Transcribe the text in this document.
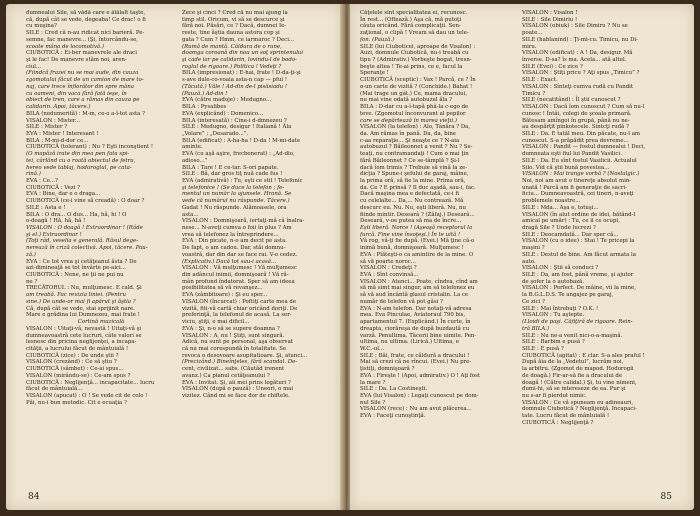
dumnealui Sile, să vădă care e ălălalt taşte,
că, după cât se vede, degeaba! Ce drac! o fi
cu muşina?
SILE : Cred că n-au ridicat nici barieră. Pe-
semne, fac manevre... (Şi, întorcându-se,
scoate mâna de locomotivă.)
CIUBOTICĂ : Ei-ber manevrele ale draci
şi le fac! De manevre stăm noi, aren-
ciul...
(Fiindcă frazei nu se mai aude, din cauza
zgomotului făcut de un camion de mare to-
naj, care trece înfiorător din spre mâna
cu oameni, din vaca fără fată ieşe, în
obiect de tren, care a rămas din cauza pe
calidarin. Apoi, tăcere.)
BILA (nedumerită) : M-m, ce-o a-î-tot asta ?
VISALON : Mister...
SILE : Mister ?
EVA : Mister ! Interesant !
BILA : M-mi-d-dor ce...
CIUBOTICĂ (tolerant) : Nu ? Eşti inconştient !
(O mapăză irate din mea pen fata spi-
tei, cârlând cu o roată obiectul de fetru,
hereo vede tablaj, hodoroglul, pe cata-
rină.)
EVA : Ce...?
CIUBOTICĂ : Vezi ?
EVA : Bine, dar e o draga...
CIUBOTICĂ (ce-i vine să creadă) : O doar ?
SILE : Asta e !
BILA : O dra... O dus... Ha, hă, hi ! O
o-doagă ! Hă, hă, hă !
VISALON : O doagă ! Extraordinar ! (Râde
şi el.) Extraordinar !
(Toţi râd, veselia e generală. Râsul dege-
nerează în criză colectivă. Apoi, tăcere. Pau-
ză.)
EVA : Ce tot vrea şi cetăţeanul ăsta ? De
azi-dimineaţă se tot învârte pe-aici...
CIUBOTICĂ : Nene, ne ţii ne pui nu
ne ?
TRECĂTORUL : Nu, mulţumesc. E cald. Şi
am treabă. Fac revizia liniei. (Pentru
sine.) De unde-or mai fi apărut şi ăştia ?
Că, după cât se vede, stai sprijinit nare.
Mare e grădina lui Dumnezeu, mai frate !
Cortină muzicală
VISALON : Uitaţi-vă, nevastă ! Uitaţi-vă şi
dumneavoastră cete lucruri, câte valori se
lesnesc din pricina neglijenţei, a incapa-
cităţii, a lucrului făcut de mântuială !
CIUBOTICĂ (zice) : De unde ştii ?
VISALON (crezând) : Ce să ştiu ?
CIUBOTICĂ (sâmbet) : Ce-ai spus...
VISALON (mirându-se) : Ce-am spus ?
CIUBOTICĂ : Neglijenţă... incapacitate... lucru
făcut de mântuială...
VISALON (apucat) : O ! Se vede cit de colo !
Păi, nu-i bun metodic. Cit e ecuaţia ?
Zece şi cinci ? Cred că nu mai ajung la
timp stil. Oricum, vi să se descurce şi
fără noi. Păsări, ce ? Dacă, dumnei Ie-
reste, tine ăştia dauna astora cop şi
gata ? Cum ? Hmm, ce iarmaroc ? Deci...
(Rumă de mantă. Căldura de o rune,
doamga coroană din nou un soţ sprintenului
şi cade iar pe calidarin, lovindu-l de bodo-
roglul de rigoare.) Politica ! Vedeţi ?
BILA (impresionat) : E-hai, frate ! D-da-ţi-şi
s-ave dule-co-voaia asta-n cap — pfui !
(Tăcută.) Văle ! Ad-din de-l pisăsiadu !
(Pauză.) Ad-din !
EVA (către madoje) : Medugno...
BILA : Pysalibes
EVA (explicând) : Domenico...
BILA (interesată) : Cine-i d-dmnezeu ?
SILE : Medugno, desigur ! Italiană ! Ăla
„Volare” ; „Desarado...”.
BILA (edificat) : A-ha-ha ! D-da ! M-mi-date
aminte.
EVA (cu aşă aşire, frecbonerat) : „Ad-dio,
adioso...”
BILA : Tare ! E ce-tar. S-ori papate.
SILE : Bă, dar gros tiţ nuă cade fus !
EVA (admirativă) : Tu, eşti ce stil ! Telefonic
şi telefonice ! (Se duce la telefon ; fe-
mentul un număr la ajunsele. Hrană. Se
vede că numărul nu răspunde. Tăcere.)
Gadat ! Nu răspunde. Alămoasele, ora
asta...
VISALON : Domnişoară, iertaţi-mă că înalra-
nese... N-aveţi cumva o foii în plus ? Am
vrea să telefonez la întreprindere...
EVA : Din picate, n-o am decit pe asta.
De fapt, o am cadou. Dar, stăi domnu-
voastră, dar din dar se face rai. V-o cedez.
(Explicativ.) Dacă tot sau-i acasă...
VISALON : Vă mulţumesc ! Vă mulţumesc
din adâncul inimii, domnişoară ! Vă ră-
mân profund îndatorat. Sper să am ideea
posibilitatea să vă revanşez...
EVA (zâmbitoare) : Şi eu sper...
VISALON (încurcat) : Poftiţi carte mea de
vizită, fiti-vă cartă chiar oricând doriţi. De
preferinţă, la telefonul de acasă. La ser-
viciu, ştiţi, e mai dificil...
EVA : Şi, n-o să se supere doamna ?
VISALON : A, nu ! Ştiţi, sunt singură.
Adică, nu sunt pe personal, aşa observat
că nu mai corespundă în totalitate. Se
revoca o desovoare asupitatioare. Şi, atunci...
(Precizând.) Bineînţeles, fără scandal. De-
cent, civilizat... sabs. (Căutăd irenent
avanz.) Ca pianul cetăţeanului ?
EVA : Invitat. Şi, aii mei prins legături ?
VISALON (după o pauză) : Uneori, o mai
vizitez. Când mi se face dor de chiftele.
84
Căţelele sînt specialitatea ei, recunosc.
În rest... (Oftează.) Aşa că, mă putoţi
căuta oricând. Fără complicaţii. Sen-
zaţional, o clipă ! Vream să dau un tele-
fon. (Pauză.)
SILE (lui Ciuboticei, aproape de Visalon) :
Auzi, domnule Ciubotică, nu-i treabă cu
tipu ? (Admirativ.) Vorbeşte bogat, tresn-
beşte altea ! Te-ai prins, ce e, facul la
Speranţe !
CIUBOTICĂ (sceptic) : Vax ! Parcă, ce ? În
o-un carte de vizită ? (Conchide.) Bahat !
(Mai trage un gât.) Ce, mama dracului,
nu mai vine odată autobuzul ăla ?
BILA : D-dar cu a-î-tapă phă-la c-ego de
teve. (Zgomotul înconvurant al pepilor
care se depărtează în marea vieţii.)
VISALON (la telefon) : Alo, Tânăra ? Da,
da. Am rămas în pană. Da, da, bine
c-aa reparaţie... Şi neaşte ce ? N-aia
autobuzul ? Băileonnet a venit ? Nu ? Se-
teaţi, nu contramandaţi ! Cum o mai ţin
fără Băileonnet ? Ce se-tâmplă ? Şi-l
dacă îom trimis ? Trebuie să vină la ze-
dicţia ? Spune-i şefului de garaj, mâine,
la prima oră, să fie la mine. Prima oră,
da. Ce ? E prinsă ? Il duc aşadă, sau-i, fac.
Dacă maşina mea e defectată, ce-i fi
cu celelalte... Da,... Nu contrează. Mă
descurc eu. Nu. Nu, eşti liberă. Nu, nu
fiinde mintir. Desearâ ? (Zâfaj.) Desearâ...
Desearâ, v-oe putea să ma de încre...
Ești liberă. Norce ! (Aşeaşă receptorul la
furcă. Fine vine însoţeşi.) În te uită !
Vă rog, vă-ţi fie după. (Evei.) Mă ţine că-o
inimă bună, domnişoară. Mulţumesc !
EVA : Plăteşti-o ca amintire de la mine. O
să vă poarte noroc...
VISALON : Credeţi ?
EVA : Sînt convinsă...
VISALON : Atunci... Poate, cîndva, cînd am
să mă simt mai singur, am să telefonez eu
să vă aud încântă glasul cristalin. La ce
număr de telefon vă pot găsi ?
EVA : N-am telefon. Dar notaţi-vă adresa
mea. Eva Pinculae, Aviatoraul 790 bis,
apartamentul 7. (Explicând.) În curte, în
dreapta, ciorăreşa de după buzdaută cu
varză. Penultima. Tăcerii bine uimite. Pen-
ultima, nu ultima. (Lirică.) Ultima, e
W.C.-ul...
SILE : Băi, frate, ce căldură a dracului !
Mai să crezi că ne rîncui. (Evei.) Nu pre-
ţistiţi, domnişoară ?
EVA : Fireşte ! (Apoi, admirativ.) O ! Aţi fost
la mare ?
SILE : Da. La Costineşti.
EVA (lui Visalon) : Legaţi cunoscut pe dom-
nul Sile ?
VISALON (rece) : Nu am avut plăcerea...
EVA : Faceţi cunoştinţă.
VISALON : Visalon !
SILE : Sile Dimiriu !
VISALON (obiuk) : Sile Dimiru ? Nu se
poate...
SILE (hablanind) : Ţi-mi-cu. Timicu, nu Di-
miru.
VISALON (edificat) : A ! Da, desigur. Mă
înverse. D-sa? îs ma. Acela... ată altul.
SILE (Evei) : Ce zice ?
VISALON : Ştiţi pricu ? Aţi spus „Timicu” ?
SILE : Exact.
VISALON : Sînteţi cumva rudă cu Pandit
Timicu ?
SILE (necatitând) : Îl ştii cunoscut ?
VISALON : Dacă îom cunoscut ? Cum să nu-l
cunosc ! Întâi, colegi de şcoala primară.
Bătesam amîngoi în grupă, până nu ne-
au despărţit pinkotecele. Sintcţi rudă ?
SILE : Da. E tatăl meu. Din păcate, nu-l am
cunoscut. S-a prăpădit prea devreme...
VISALON : Pandit — fostul dumnealui ! Deci,
dumneata eşti fiul lui Pandit Vasilici.
SILE : Da. Eu sînt fostul Vasilicii. Actualul
Silo. Vîd că ştii bună povestea...
VISALON : Mai trange vorbă ? (Nostalgic.)
Noi, noi am avut o tinereţe absolut min-
unată ! Parcă am fi generaţie de sacri-
ficiu... Dumneavoastră, cei tineri, n-aveţi
problemele noastre...
SILE : Mda... Aşa e, totuşi...
VISALON (în alut ordine de idei, bătând-l
amical pe umăr) : Tu, ce ii ce ocupi,
dragă Sile ? Unde lucrezi ?
SILE : Deocamdată... Dar sper că...
VISALON (cu o idee) : Stai ! Te pricepi la
maşini ?
SILE : Destul de bine. Am făcut armata la
auto.
VISALON : Ştii să conduci ?
SILE : Da, am fost, până vreme, şi ajutor
de şofer la o autobază.
VISALON : Perfect. De mâine, vii la mine,
la B.G.L.D.S. Te angajez pe garaj,
Ce zici ?
SILE : Mai întrebaţi ? O.K. !
VISALON : Tu aştepte.
(Lloidi de paşi. Căfiţiră de rigoare. Rein-
tră BILA.)
SILE : Nu ne-a venit nici-o-a-maşină.
SILE : Barbim e pusă ?
SILE : E pusă ?
CIUBOTICĂ (agitat) : E clar. S-a ales praful !
După ăia de la „Vedetul”, lucrăm noi,
la arbitru. (Zgomot de mapod. Hodorogii
de doagă.) Fir-ar-să fie a dracului de
doagă ! (Către calidal.) Şi, tu vine nimeni,
dumi-hi, să se intereseze de ea. Pur şi
nu s-ar fi pierdut nimic.
VISALON : Ce vă spuneam eu adineauri,
domnule Ciubotică ? Neglijenţă. Incapaci-
tate. Lucru făcut de mântuială !
CIUBOTICĂ : Neglijenţă ?
85
